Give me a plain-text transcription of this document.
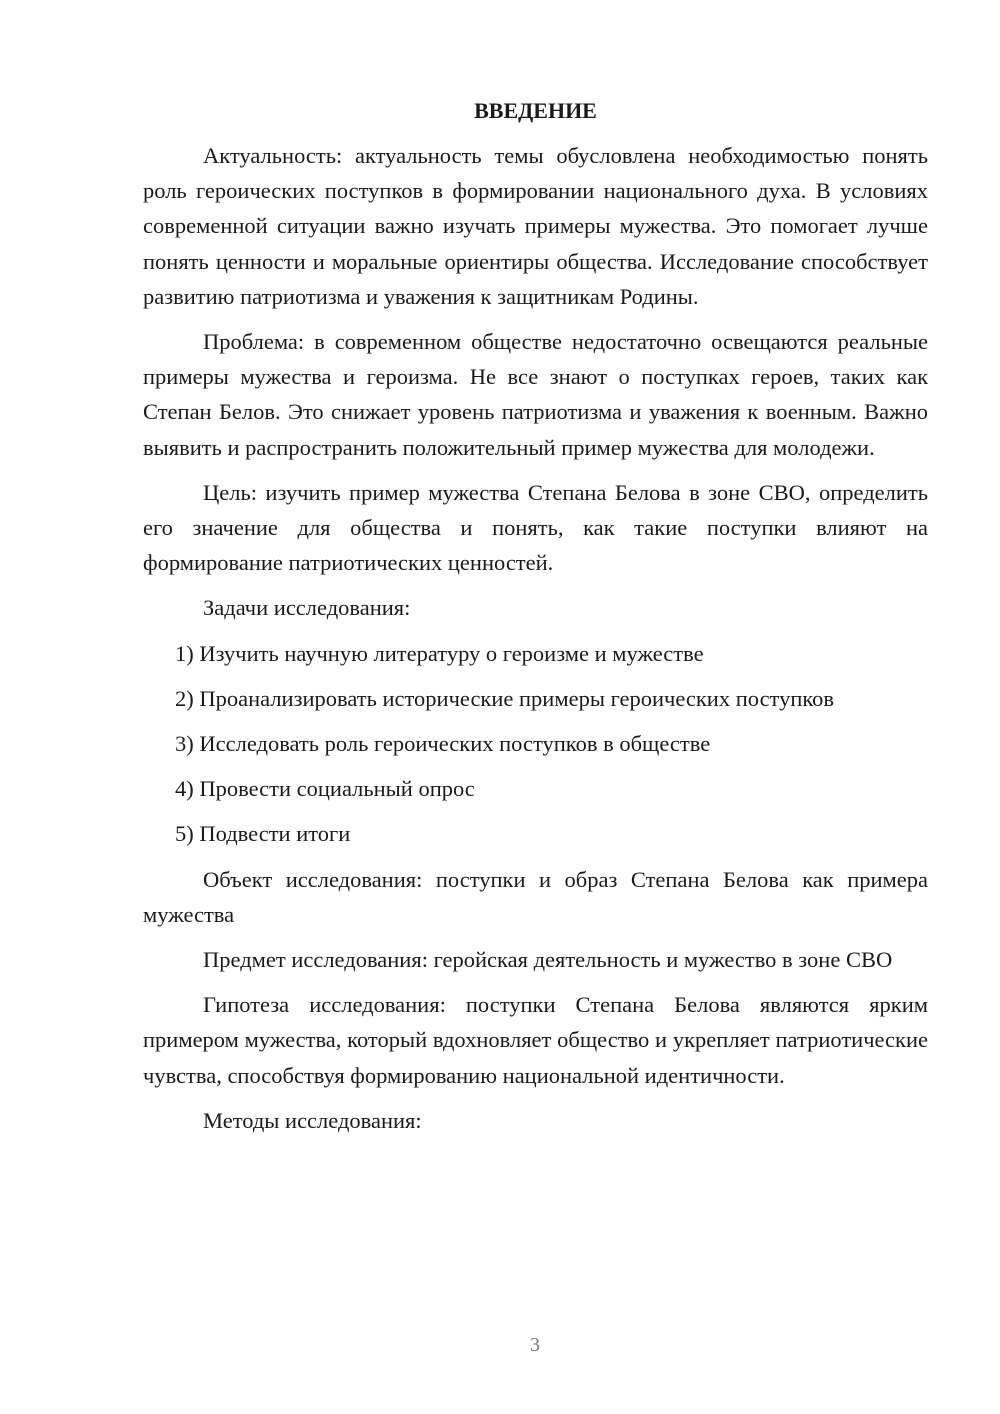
ВВЕДЕНИЕ

Актуальность: актуальность темы обусловлена необходимостью понять роль героических поступков в формировании национального духа. В условиях современной ситуации важно изучать примеры мужества. Это помогает лучше понять ценности и моральные ориентиры общества. Исследование способствует развитию патриотизма и уважения к защитникам Родины.

Проблема: в современном обществе недостаточно освещаются реальные примеры мужества и героизма. Не все знают о поступках героев, таких как Степан Белов. Это снижает уровень патриотизма и уважения к военным. Важно выявить и распространить положительный пример мужества для молодежи.

Цель: изучить пример мужества Степана Белова в зоне СВО, определить его значение для общества и понять, как такие поступки влияют на формирование патриотических ценностей.

Задачи исследования:

1) Изучить научную литературу о героизме и мужестве
2) Проанализировать исторические примеры героических поступков
3) Исследовать роль героических поступков в обществе
4) Провести социальный опрос
5) Подвести итоги

Объект исследования: поступки и образ Степана Белова как примера мужества

Предмет исследования: геройская деятельность и мужество в зоне СВО

Гипотеза исследования: поступки Степана Белова являются ярким примером мужества, который вдохновляет общество и укрепляет патриотические чувства, способствуя формированию национальной идентичности.

Методы исследования:

3
